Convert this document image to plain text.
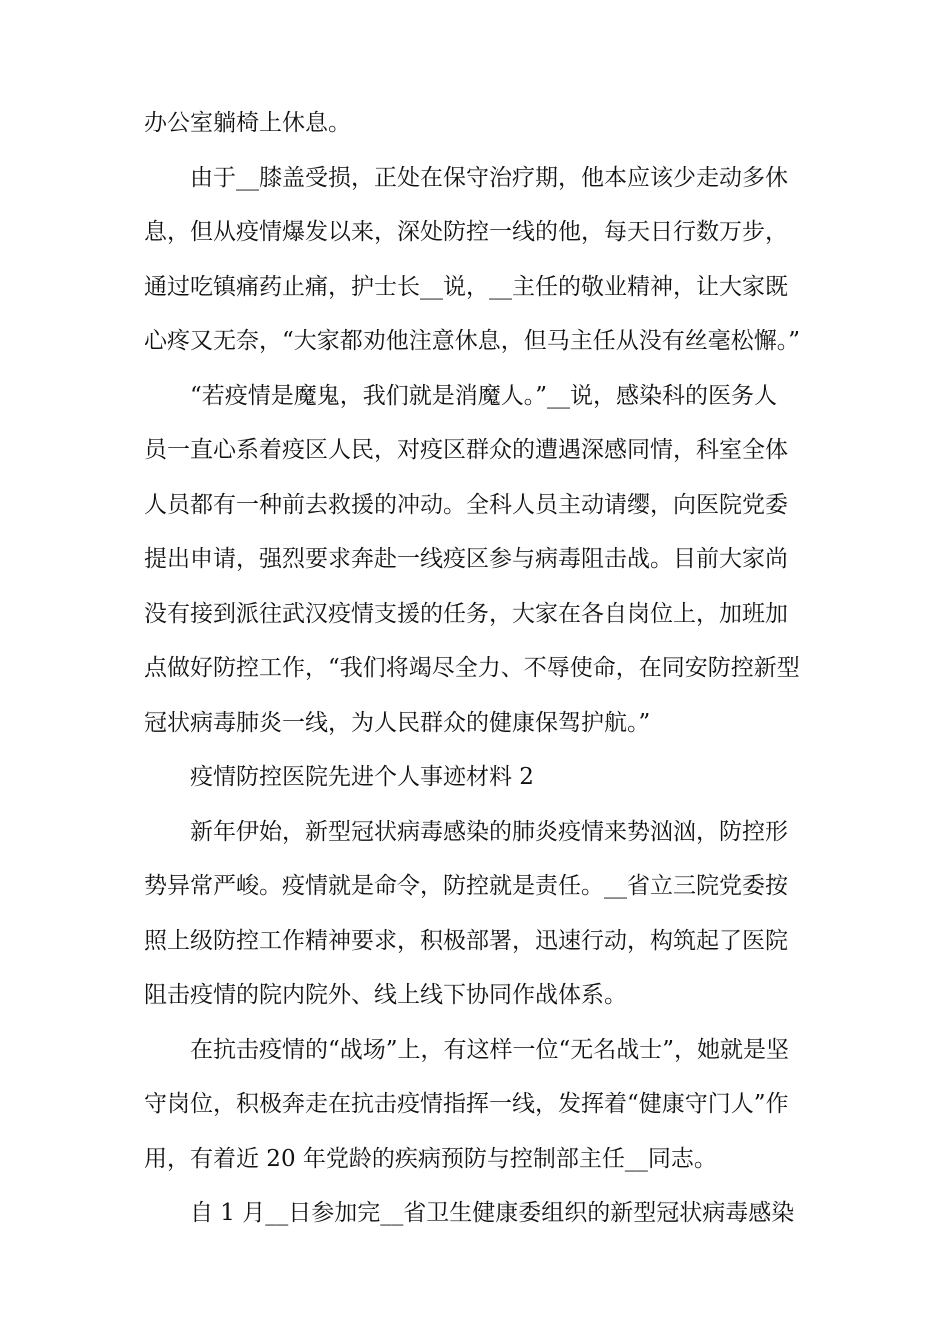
办公室躺椅上休息。
由于__膝盖受损，正处在保守治疗期，他本应该少走动多休
息，但从疫情爆发以来，深处防控一线的他，每天日行数万步，
通过吃镇痛药止痛，护士长__说，__主任的敬业精神，让大家既
心疼又无奈，“大家都劝他注意休息，但马主任从没有丝毫松懈。”
“若疫情是魔鬼，我们就是消魔人。”__说，感染科的医务人
员一直心系着疫区人民，对疫区群众的遭遇深感同情，科室全体
人员都有一种前去救援的冲动。全科人员主动请缨，向医院党委
提出申请，强烈要求奔赴一线疫区参与病毒阻击战。目前大家尚
没有接到派往武汉疫情支援的任务，大家在各自岗位上，加班加
点做好防控工作，“我们将竭尽全力、不辱使命，在同安防控新型
冠状病毒肺炎一线，为人民群众的健康保驾护航。”
疫情防控医院先进个人事迹材料 2
新年伊始，新型冠状病毒感染的肺炎疫情来势汹汹，防控形
势异常严峻。疫情就是命令，防控就是责任。__省立三院党委按
照上级防控工作精神要求，积极部署，迅速行动，构筑起了医院
阻击疫情的院内院外、线上线下协同作战体系。
在抗击疫情的“战场”上，有这样一位“无名战士”，她就是坚
守岗位，积极奔走在抗击疫情指挥一线，发挥着“健康守门人”作
用，有着近 20 年党龄的疾病预防与控制部主任__同志。
自 1 月__日参加完__省卫生健康委组织的新型冠状病毒感染
